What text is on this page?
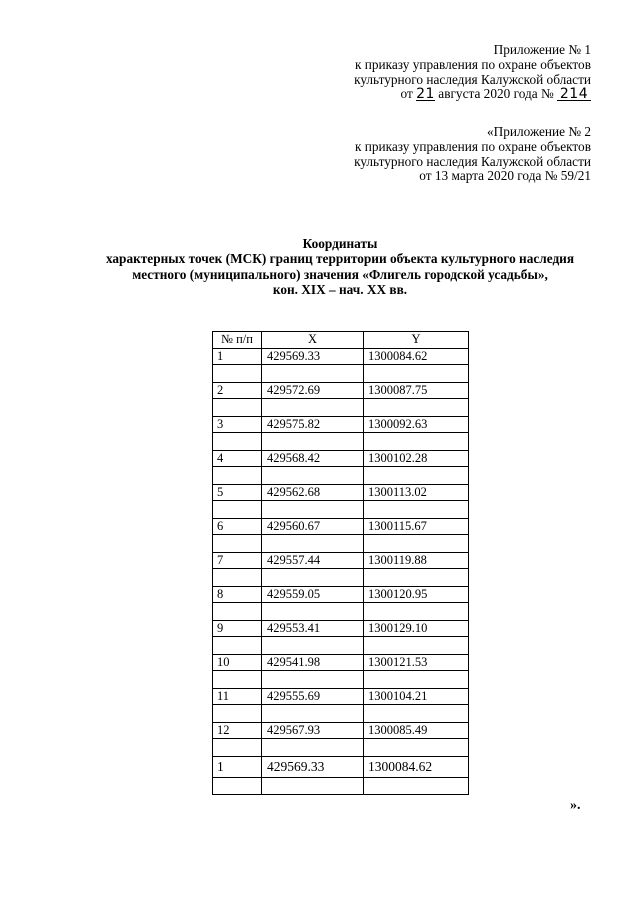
Приложение № 1
к приказу управления по охране объектов
культурного наследия Калужской области
от 21 августа 2020 года № 214
«Приложение № 2
к приказу управления по охране объектов
культурного наследия Калужской области
от 13 марта 2020 года № 59/21
Координаты
характерных точек (МСК) границ территории объекта культурного наследия
местного (муниципального) значения «Флигель городской усадьбы»,
кон. XIX – нач. XX вв.
№ п/п	X	Y
1	429569.33	1300084.62

2	429572.69	1300087.75

3	429575.82	1300092.63

4	429568.42	1300102.28

5	429562.68	1300113.02

6	429560.67	1300115.67

7	429557.44	1300119.88

8	429559.05	1300120.95

9	429553.41	1300129.10

10	429541.98	1300121.53

11	429555.69	1300104.21

12	429567.93	1300085.49

1	429569.33	1300084.62

».
